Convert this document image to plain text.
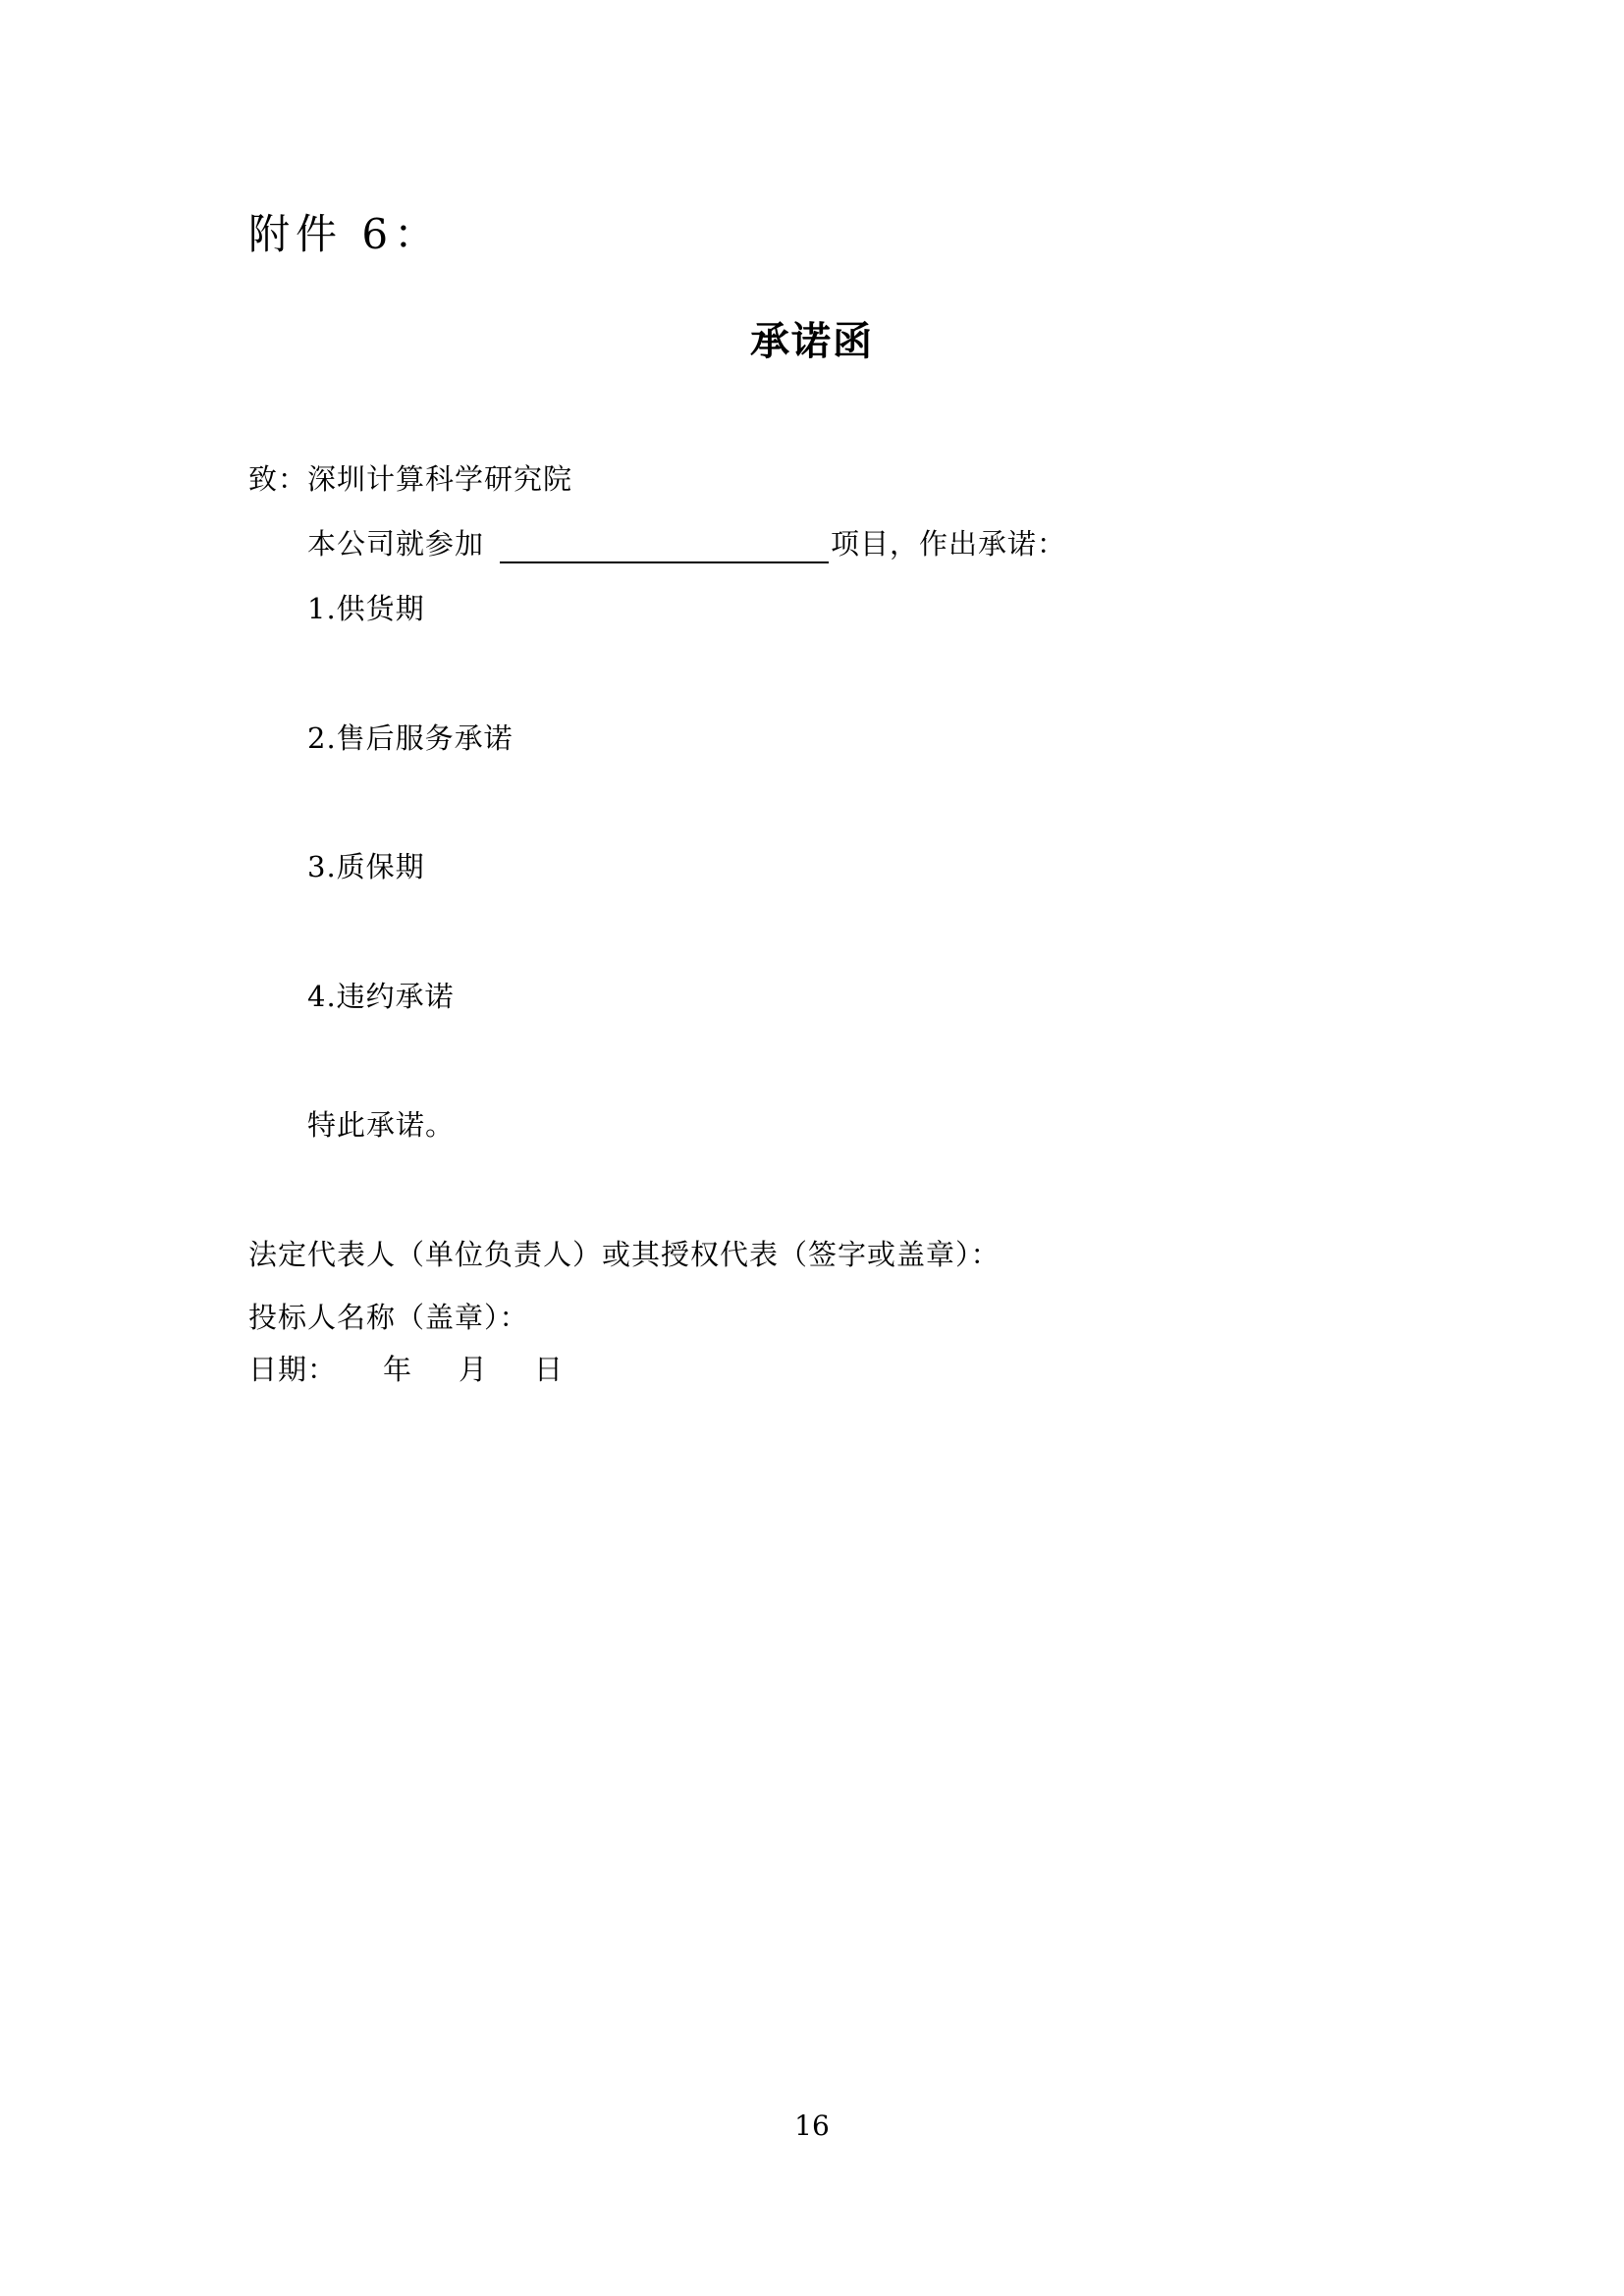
附件 6：
承诺函
致：深圳计算科学研究院
本公司就参加	项目，作出承诺：
1.供货期
2.售后服务承诺
3.质保期
4.违约承诺
特此承诺。
法定代表人（单位负责人）或其授权代表（签字或盖章）：
投标人名称（盖章）：
日期：	年	月	日
16
